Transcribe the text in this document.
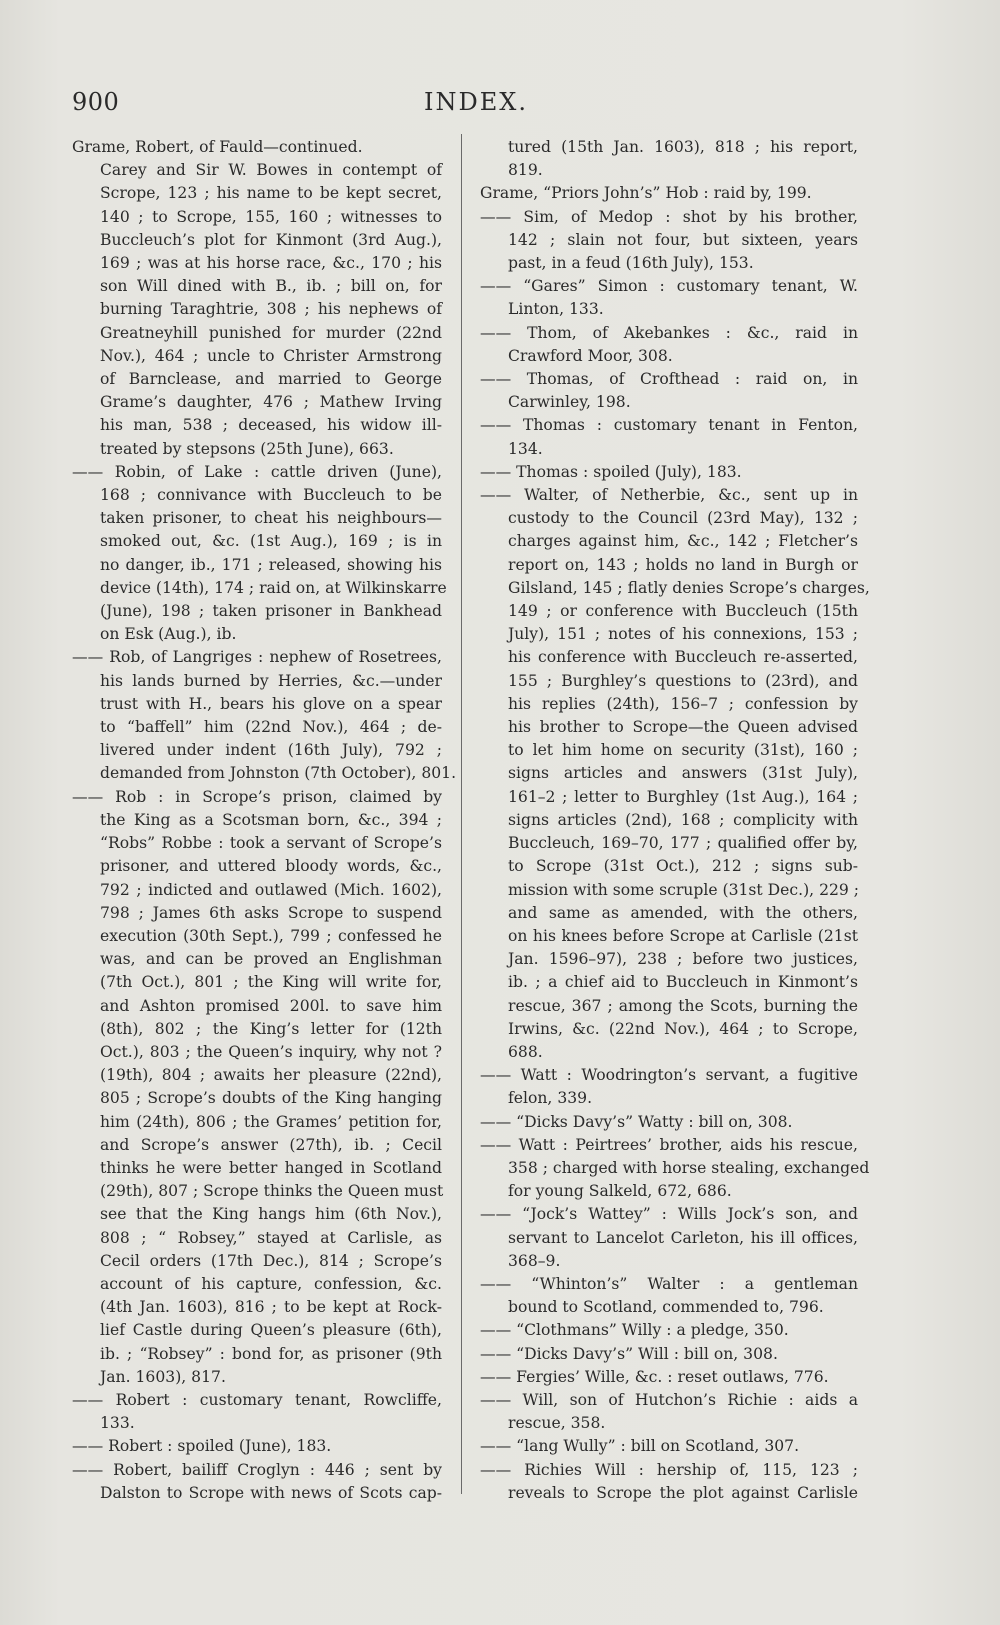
900	INDEX.
Grame, Robert, of Fauld—continued.
Carey and Sir W. Bowes in contempt of
Scrope, 123 ; his name to be kept secret,
140 ; to Scrope, 155, 160 ; witnesses to
Buccleuch’s plot for Kinmont (3rd Aug.),
169 ; was at his horse race, &c., 170 ; his
son Will dined with B., ib. ; bill on, for
burning Taraghtrie, 308 ; his nephews of
Greatneyhill punished for murder (22nd
Nov.), 464 ; uncle to Christer Armstrong
of Barnclease, and married to George
Grame’s daughter, 476 ; Mathew Irving
his man, 538 ; deceased, his widow ill-
treated by stepsons (25th June), 663.
—— Robin, of Lake : cattle driven (June),
168 ; connivance with Buccleuch to be
taken prisoner, to cheat his neighbours—
smoked out, &c. (1st Aug.), 169 ; is in
no danger, ib., 171 ; released, showing his
device (14th), 174 ; raid on, at Wilkinskarre
(June), 198 ; taken prisoner in Bankhead
on Esk (Aug.), ib.
—— Rob, of Langriges : nephew of Rosetrees,
his lands burned by Herries, &c.—under
trust with H., bears his glove on a spear
to “baffell” him (22nd Nov.), 464 ; de-
livered under indent (16th July), 792 ;
demanded from Johnston (7th October), 801.
—— Rob : in Scrope’s prison, claimed by
the King as a Scotsman born, &c., 394 ;
“Robs” Robbe : took a servant of Scrope’s
prisoner, and uttered bloody words, &c.,
792 ; indicted and outlawed (Mich. 1602),
798 ; James 6th asks Scrope to suspend
execution (30th Sept.), 799 ; confessed he
was, and can be proved an Englishman
(7th Oct.), 801 ; the King will write for,
and Ashton promised 200l. to save him
(8th), 802 ; the King’s letter for (12th
Oct.), 803 ; the Queen’s inquiry, why not ?
(19th), 804 ; awaits her pleasure (22nd),
805 ; Scrope’s doubts of the King hanging
him (24th), 806 ; the Grames’ petition for,
and Scrope’s answer (27th), ib. ; Cecil
thinks he were better hanged in Scotland
(29th), 807 ; Scrope thinks the Queen must
see that the King hangs him (6th Nov.),
808 ; “ Robsey,” stayed at Carlisle, as
Cecil orders (17th Dec.), 814 ; Scrope’s
account of his capture, confession, &c.
(4th Jan. 1603), 816 ; to be kept at Rock-
lief Castle during Queen’s pleasure (6th),
ib. ; “Robsey” : bond for, as prisoner (9th
Jan. 1603), 817.
—— Robert : customary tenant, Rowcliffe,
133.
—— Robert : spoiled (June), 183.
—— Robert, bailiff Croglyn : 446 ; sent by
Dalston to Scrope with news of Scots cap-
tured (15th Jan. 1603), 818 ; his report,
819.
Grame, “Priors John’s” Hob : raid by, 199.
—— Sim, of Medop : shot by his brother,
142 ; slain not four, but sixteen, years
past, in a feud (16th July), 153.
—— “Gares” Simon : customary tenant, W.
Linton, 133.
—— Thom, of Akebankes : &c., raid in
Crawford Moor, 308.
—— Thomas, of Crofthead : raid on, in
Carwinley, 198.
—— Thomas : customary tenant in Fenton,
134.
—— Thomas : spoiled (July), 183.
—— Walter, of Netherbie, &c., sent up in
custody to the Council (23rd May), 132 ;
charges against him, &c., 142 ; Fletcher’s
report on, 143 ; holds no land in Burgh or
Gilsland, 145 ; flatly denies Scrope’s charges,
149 ; or conference with Buccleuch (15th
July), 151 ; notes of his connexions, 153 ;
his conference with Buccleuch re-asserted,
155 ; Burghley’s questions to (23rd), and
his replies (24th), 156–7 ; confession by
his brother to Scrope—the Queen advised
to let him home on security (31st), 160 ;
signs articles and answers (31st July),
161–2 ; letter to Burghley (1st Aug.), 164 ;
signs articles (2nd), 168 ; complicity with
Buccleuch, 169–70, 177 ; qualified offer by,
to Scrope (31st Oct.), 212 ; signs sub-
mission with some scruple (31st Dec.), 229 ;
and same as amended, with the others,
on his knees before Scrope at Carlisle (21st
Jan. 1596–97), 238 ; before two justices,
ib. ; a chief aid to Buccleuch in Kinmont’s
rescue, 367 ; among the Scots, burning the
Irwins, &c. (22nd Nov.), 464 ; to Scrope,
688.
—— Watt : Woodrington’s servant, a fugitive
felon, 339.
—— “Dicks Davy’s” Watty : bill on, 308.
—— Watt : Peirtrees’ brother, aids his rescue,
358 ; charged with horse stealing, exchanged
for young Salkeld, 672, 686.
—— “Jock’s Wattey” : Wills Jock’s son, and
servant to Lancelot Carleton, his ill offices,
368–9.
—— “Whinton’s” Walter : a gentleman
bound to Scotland, commended to, 796.
—— “Clothmans” Willy : a pledge, 350.
—— “Dicks Davy’s” Will : bill on, 308.
—— Fergies’ Wille, &c. : reset outlaws, 776.
—— Will, son of Hutchon’s Richie : aids a
rescue, 358.
—— “lang Wully” : bill on Scotland, 307.
—— Richies Will : hership of, 115, 123 ;
reveals to Scrope the plot against Carlisle
